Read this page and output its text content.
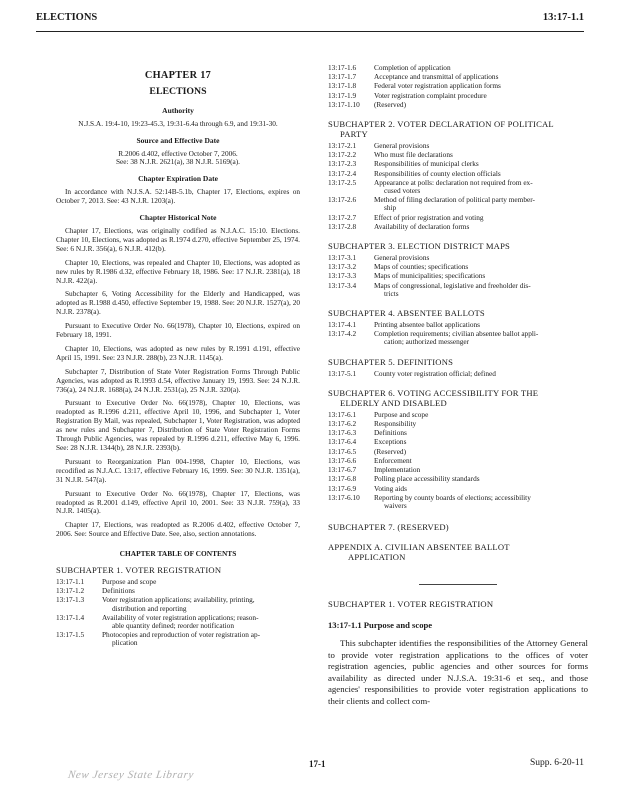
ELECTIONS	13:17-1.1
CHAPTER 17
ELECTIONS
Authority

N.J.S.A. 19:4-10, 19:23-45.3, 19:31-6.4a through 6.9, and 19:31-30.

Source and Effective Date
R.2006 d.402, effective October 7, 2006.
See: 38 N.J.R. 2621(a), 38 N.J.R. 5169(a).
Chapter Expiration Date

In accordance with N.J.S.A. 52:14B-5.1b, Chapter 17, Elections, expires on October 7, 2013. See: 43 N.J.R. 1203(a).

Chapter Historical Note

Chapter 17, Elections, was originally codified as N.J.A.C. 15:10. Elections. Chapter 10, Elections, was adopted as R.1974 d.270, effective September 25, 1974. See: 6 N.J.R. 356(a), 6 N.J.R. 412(b).

Chapter 10, Elections, was repealed and Chapter 10, Elections, was adopted as new rules by R.1986 d.32, effective February 18, 1986. See: 17 N.J.R. 2381(a), 18 N.J.R. 422(a).

Subchapter 6, Voting Accessibility for the Elderly and Handicapped, was adopted as R.1988 d.450, effective September 19, 1988. See: 20 N.J.R. 1527(a), 20 N.J.R. 2378(a).

Pursuant to Executive Order No. 66(1978), Chapter 10, Elections, expired on February 18, 1991.

Chapter 10, Elections, was adopted as new rules by R.1991 d.191, effective April 15, 1991. See: 23 N.J.R. 288(b), 23 N.J.R. 1145(a).

Subchapter 7, Distribution of State Voter Registration Forms Through Public Agencies, was adopted as R.1993 d.54, effective January 19, 1993. See: 24 N.J.R. 736(a), 24 N.J.R. 1688(a), 24 N.J.R. 2531(a), 25 N.J.R. 320(a).

Pursuant to Executive Order No. 66(1978), Chapter 10, Elections, was readopted as R.1996 d.211, effective April 10, 1996, and Subchapter 1, Voter Registration By Mail, was repealed, Subchapter 1, Voter Registration, was adopted as new rules and Subchapter 7, Distribution of State Voter Registration Forms Through Public Agencies, was repealed by R.1996 d.211, effective May 6, 1996. See: 28 N.J.R. 1344(b), 28 N.J.R. 2393(b).

Pursuant to Reorganization Plan 004-1998, Chapter 10, Elections, was recodified as N.J.A.C. 13:17, effective February 16, 1999. See: 30 N.J.R. 1351(a), 31 N.J.R. 547(a).

Pursuant to Executive Order No. 66(1978), Chapter 17, Elections, was readopted as R.2001 d.149, effective April 10, 2001. See: 33 N.J.R. 759(a), 33 N.J.R. 1405(a).

Chapter 17, Elections, was readopted as R.2006 d.402, effective October 7, 2006. See: Source and Effective Date. See, also, section annotations.

CHAPTER TABLE OF CONTENTS
SUBCHAPTER 1. VOTER REGISTRATION
13:17-1.1	Purpose and scope
13:17-1.2	Definitions
13:17-1.3	Voter registration applications; availability, printing,
distribution and reporting

13:17-1.4	Availability of voter registration applications; reason-
able quantity defined; reorder notification

13:17-1.5	Photocopies and reproduction of voter registration ap-
plication
13:17-1.6	Completion of application
13:17-1.7	Acceptance and transmittal of applications
13:17-1.8	Federal voter registration application forms
13:17-1.9	Voter registration complaint procedure
13:17-1.10	(Reserved)
SUBCHAPTER 2. VOTER DECLARATION OF POLITICAL
PARTY
13:17-2.1	General provisions
13:17-2.2	Who must file declarations
13:17-2.3	Responsibilities of municipal clerks
13:17-2.4	Responsibilities of county election officials
13:17-2.5	Appearance at polls: declaration not required from ex-
cused voters

13:17-2.6	Method of filing declaration of political party member-
ship

13:17-2.7	Effect of prior registration and voting
13:17-2.8	Availability of declaration forms
SUBCHAPTER 3. ELECTION DISTRICT MAPS
13:17-3.1	General provisions
13:17-3.2	Maps of counties; specifications
13:17-3.3	Maps of municipalities; specifications
13:17-3.4	Maps of congressional, legislative and freeholder dis-
tricts
SUBCHAPTER 4. ABSENTEE BALLOTS
13:17-4.1	Printing absentee ballot applications
13:17-4.2	Completion requirements; civilian absentee ballot appli-
cation; authorized messenger
SUBCHAPTER 5. DEFINITIONS
13:17-5.1	County voter registration official; defined
SUBCHAPTER 6. VOTING ACCESSIBILITY FOR THE
ELDERLY AND DISABLED
13:17-6.1	Purpose and scope
13:17-6.2	Responsibility
13:17-6.3	Definitions
13:17-6.4	Exceptions
13:17-6.5	(Reserved)
13:17-6.6	Enforcement
13:17-6.7	Implementation
13:17-6.8	Polling place accessibility standards
13:17-6.9	Voting aids
13:17-6.10	Reporting by county boards of elections; accessibility
waivers
SUBCHAPTER 7. (RESERVED)
APPENDIX A. CIVILIAN ABSENTEE BALLOT
APPLICATION
SUBCHAPTER 1. VOTER REGISTRATION
13:17-1.1 Purpose and scope
This subchapter identifies the responsibilities of the Attorney General to provide voter registration applications to the offices of voter registration agencies, public agencies and other sources for forms availability as directed under N.J.S.A. 19:31-6 et seq., and those agencies' responsibilities to provide voter registration applications to their clients and collect com-
17-1	Supp. 6-20-11
New Jersey State Library
